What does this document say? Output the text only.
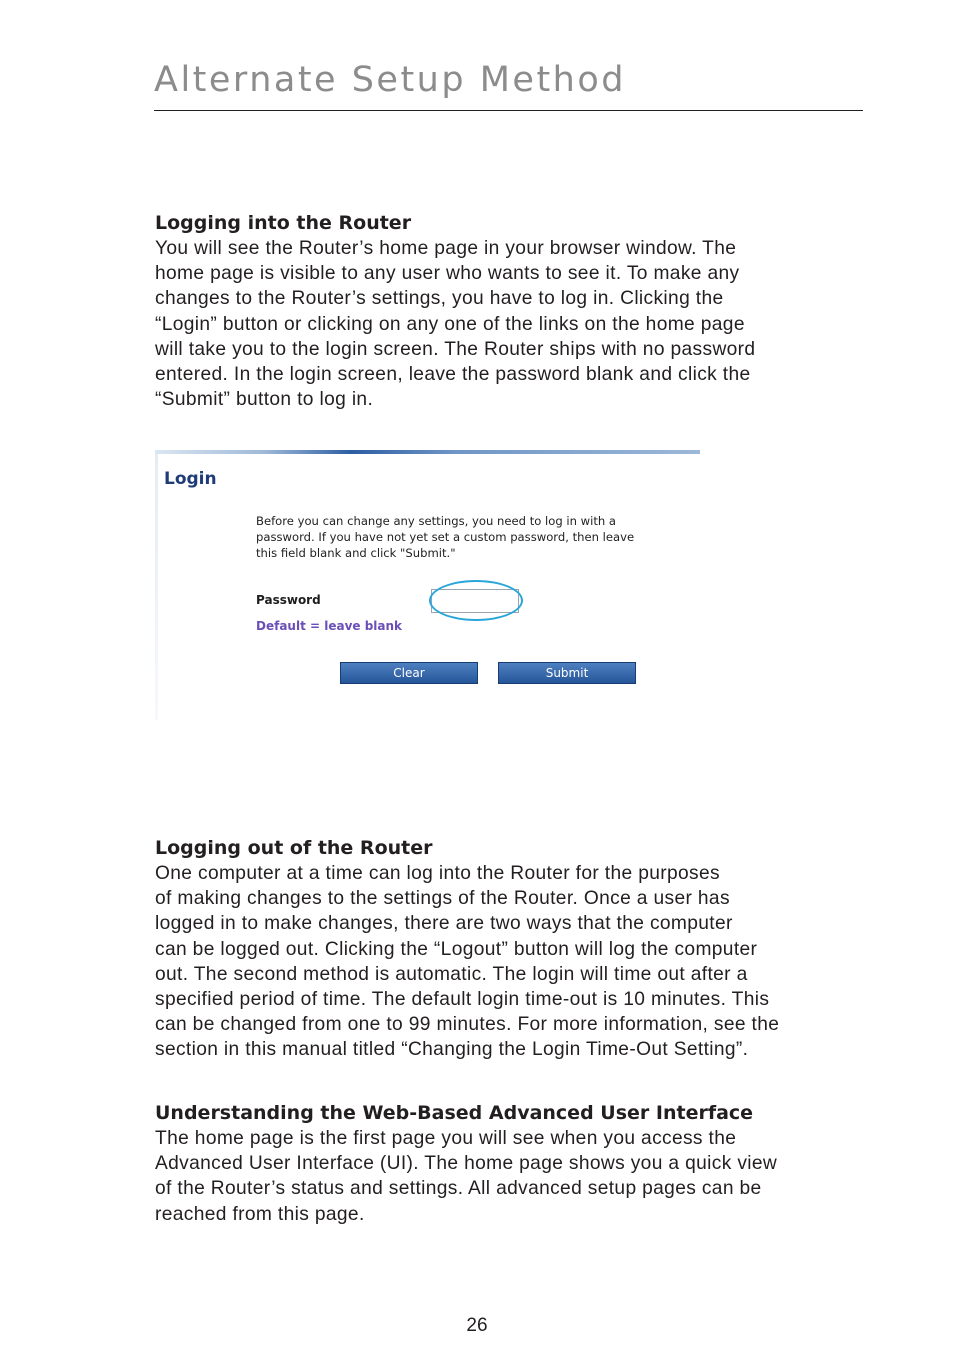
Alternate Setup Method
Logging into the Router

You will see the Router’s home page in your browser window. The
home page is visible to any user who wants to see it. To make any
changes to the Router’s settings, you have to log in. Clicking the
“Login” button or clicking on any one of the links on the home page
will take you to the login screen. The Router ships with no password
entered. In the login screen, leave the password blank and click the
“Submit” button to log in.

Login

Before you can change any settings, you need to log in with a
password. If you have not yet set a custom password, then leave
this field blank and click "Submit."

Password
Default = leave blank
Clear	Submit
Logging out of the Router

One computer at a time can log into the Router for the purposes
of making changes to the settings of the Router. Once a user has
logged in to make changes, there are two ways that the computer
can be logged out. Clicking the “Logout” button will log the computer
out. The second method is automatic. The login will time out after a
specified period of time. The default login time-out is 10 minutes. This
can be changed from one to 99 minutes. For more information, see the
section in this manual titled “Changing the Login Time-Out Setting”.

Understanding the Web-Based Advanced User Interface

The home page is the first page you will see when you access the
Advanced User Interface (UI). The home page shows you a quick view
of the Router’s status and settings. All advanced setup pages can be
reached from this page.

26
